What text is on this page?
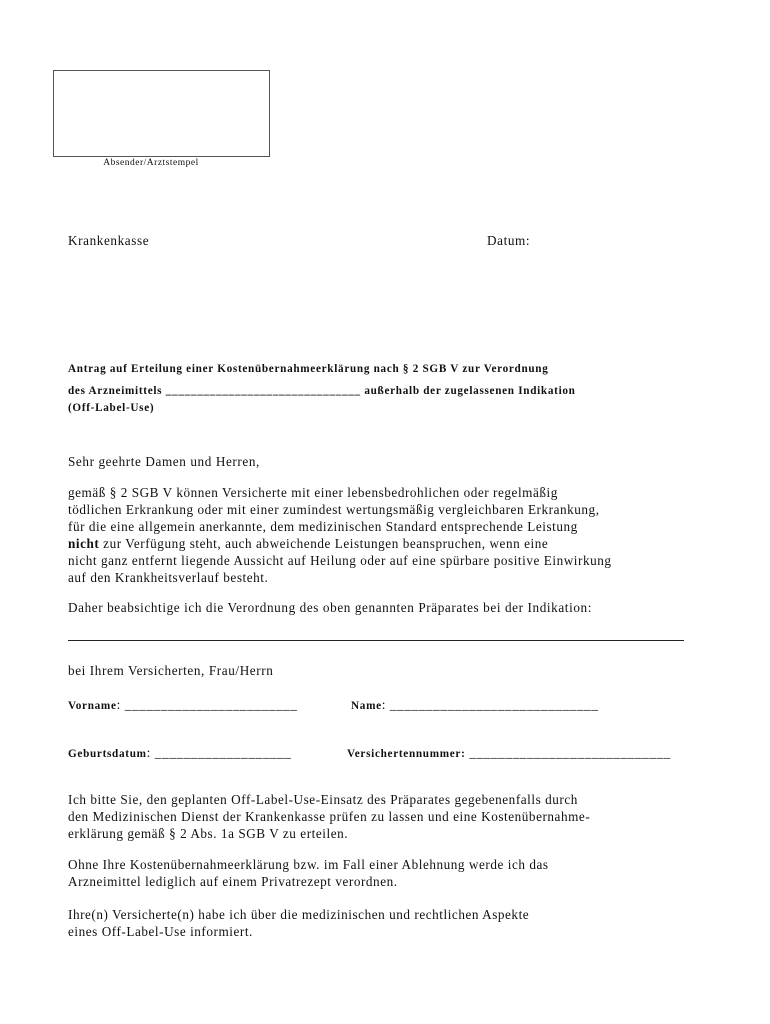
Absender/Arztstempel
Krankenkasse	Datum:
Antrag auf Erteilung einer Kostenübernahmeerklärung nach § 2 SGB V zur Verordnung
des Arzneimittels _______________________________ außerhalb der zugelassenen Indikation
(Off-Label-Use)
Sehr geehrte Damen und Herren,
gemäß § 2 SGB V können Versicherte mit einer lebensbedrohlichen oder regelmäßig
tödlichen Erkrankung oder mit einer zumindest wertungsmäßig vergleichbaren Erkrankung,
für die eine allgemein anerkannte, dem medizinischen Standard entsprechende Leistung
nicht zur Verfügung steht, auch abweichende Leistungen beanspruchen, wenn eine
nicht ganz entfernt liegende Aussicht auf Heilung oder auf eine spürbare positive Einwirkung
auf den Krankheitsverlauf besteht.
Daher beabsichtige ich die Verordnung des oben genannten Präparates bei der Indikation:
bei Ihrem Versicherten, Frau/Herrn
Vorname: ________________________	Name: _____________________________
Geburtsdatum: ___________________	Versichertennummer: ____________________________
Ich bitte Sie, den geplanten Off-Label-Use-Einsatz des Präparates gegebenenfalls durch
den Medizinischen Dienst der Krankenkasse prüfen zu lassen und eine Kostenübernahme-
erklärung gemäß § 2 Abs. 1a SGB V zu erteilen.
Ohne Ihre Kostenübernahmeerklärung bzw. im Fall einer Ablehnung werde ich das
Arzneimittel lediglich auf einem Privatrezept verordnen.
Ihre(n) Versicherte(n) habe ich über die medizinischen und rechtlichen Aspekte
eines Off-Label-Use informiert.
